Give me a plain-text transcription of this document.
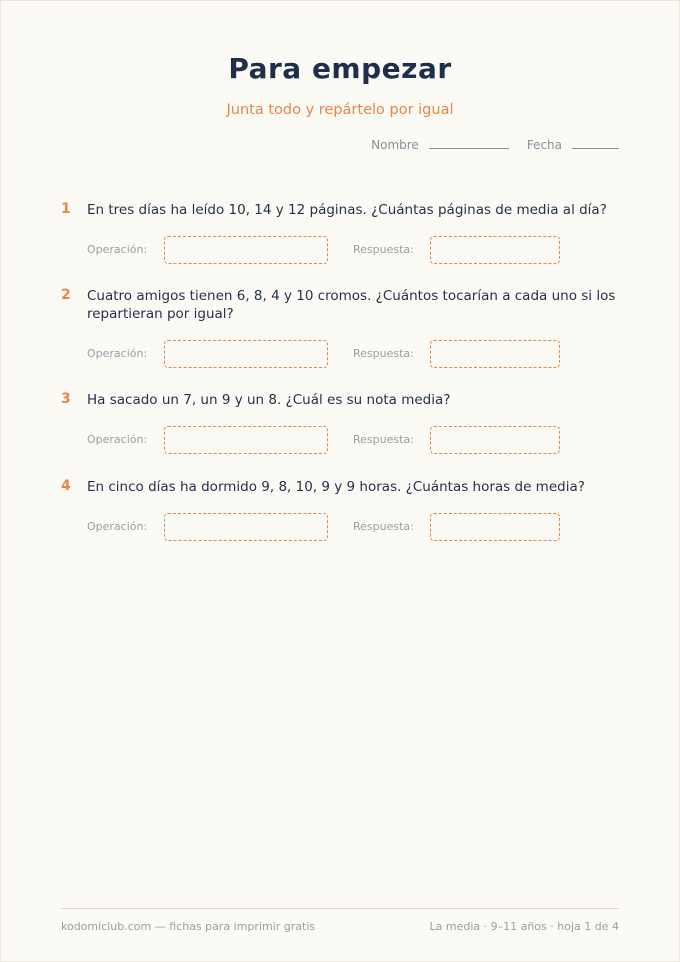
Para empezar
Junta todo y repártelo por igual
Nombre	Fecha
1 En tres días ha leído 10, 14 y 12 páginas. ¿Cuántas páginas de media al día?
Operación:	Respuesta:
2 Cuatro amigos tienen 6, 8, 4 y 10 cromos. ¿Cuántos tocarían a cada uno si los repartieran por igual?
Operación:	Respuesta:
3 Ha sacado un 7, un 9 y un 8. ¿Cuál es su nota media?
Operación:	Respuesta:
4 En cinco días ha dormido 9, 8, 10, 9 y 9 horas. ¿Cuántas horas de media?
Operación:	Respuesta:
kodomiclub.com — fichas para imprimir gratis	La media · 9–11 años · hoja 1 de 4
